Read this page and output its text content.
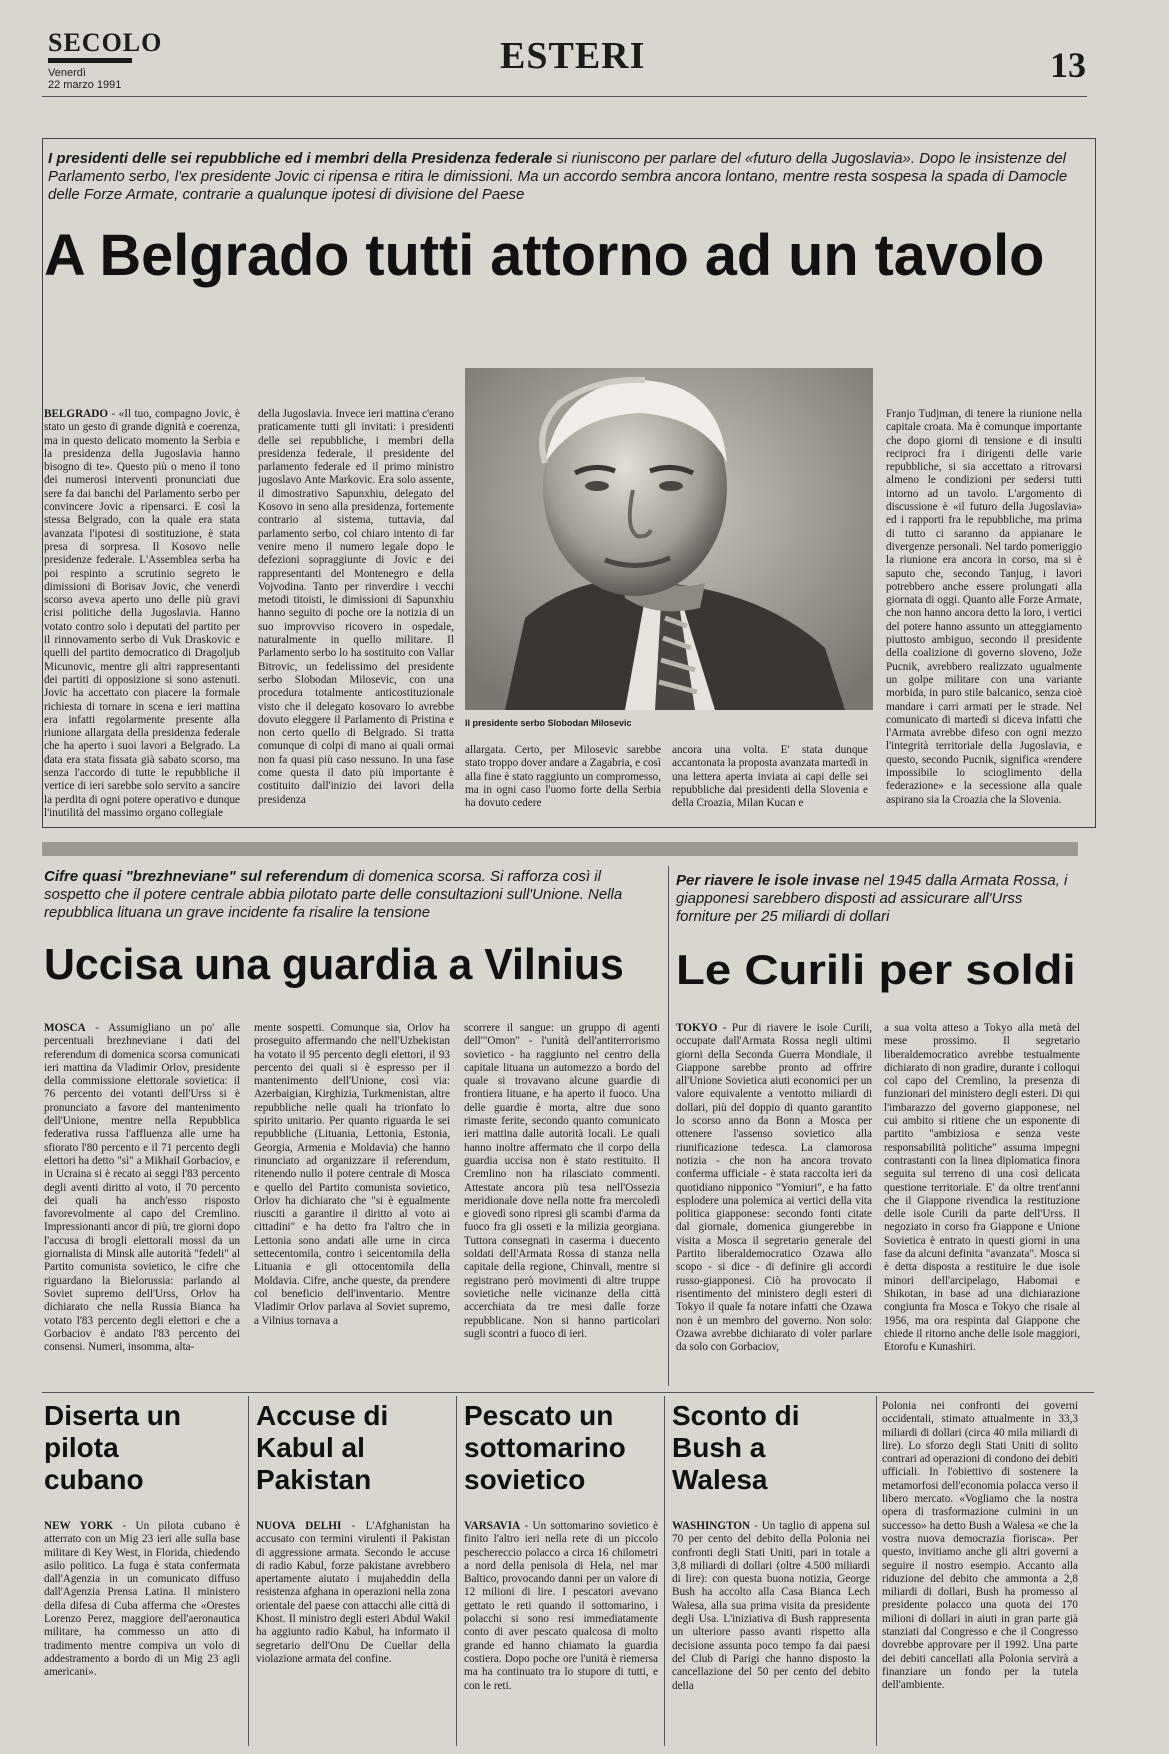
SECOLO
Venerdì
22 marzo 1991
ESTERI	13
I presidenti delle sei repubbliche ed i membri della Presidenza federale si riuniscono per parlare del «futuro della Jugoslavia». Dopo le insistenze del Parlamento serbo, l'ex presidente Jovic ci ripensa e ritira le dimissioni. Ma un accordo sembra ancora lontano, mentre resta sospesa la spada di Damocle delle Forze Armate, contrarie a qualunque ipotesi di divisione del Paese
A Belgrado tutti attorno ad un tavolo
BELGRADO - «Il tuo, compagno Jovic, è stato un gesto di grande dignità e coerenza, ma in questo delicato momento la Serbia e la presidenza della Jugoslavia hanno bisogno di te». Questo più o meno il tono dei numerosi interventi pronunciati due sere fa dai banchi del Parlamento serbo per convincere Jovic a ripensarci. E così la stessa Belgrado, con la quale era stata avanzata l'ipotesi di sostituzione, è stata presa di sorpresa. Il Kosovo nelle presidenze federale. L'Assemblea serba ha poi respinto a scrutinio segreto le dimissioni di Borisav Jovic, che venerdì scorso aveva aperto uno delle più gravi crisi politiche della Jugoslavia. Hanno votato contro solo i deputati del partito per il rinnovamento serbo di Vuk Draskovic e quelli del partito democratico di Dragoljub Micunovic, mentre gli altri rappresentanti dei partiti di opposizione si sono astenuti. Jovic ha accettato con piacere la formale richiesta di tornare in scena e ieri mattina era infatti regolarmente presente alla riunione allargata della presidenza federale che ha aperto i suoi lavori a Belgrado. La data era stata fissata già sabato scorso, ma senza l'accordo di tutte le repubbliche il vertice di ieri sarebbe solo servito a sancire la perdita di ogni potere operativo e dunque l'inutilità del massimo organo collegiale
della Jugoslavia. Invece ieri mattina c'erano praticamente tutti gli invitati: i presidenti delle sei repubbliche, i membri della presidenza federale, il presidente del parlamento federale ed il primo ministro jugoslavo Ante Markovic. Era solo assente, il dimostrativo Sapunxhiu, delegato del Kosovo in seno alla presidenza, fortemente contrario al sistema, tuttavia, dal parlamento serbo, col chiaro intento di far venire meno il numero legale dopo le defezioni sopraggiunte di Jovic e dei rappresentanti del Montenegro e della Vojvodina. Tanto per rinverdire i vecchi metodi titoisti, le dimissioni di Sapunxhiu hanno seguito di poche ore la notizia di un suo improvviso ricovero in ospedale, naturalmente in quello militare. Il Parlamento serbo lo ha sostituito con Vallar Bitrovic, un fedelissimo del presidente serbo Slobodan Milosevic, con una procedura totalmente anticostituzionale visto che il delegato kosovaro lo avrebbe dovuto eleggere il Parlamento di Pristina e non certo quello di Belgrado. Si tratta comunque di colpi di mano ai quali ormai non fa quasi più caso nessuno. In una fase come questa il dato più importante è costituito dall'inizio dei lavori della presidenza
Il presidente serbo Slobodan Milosevic
allargata. Certo, per Milosevic sarebbe stato troppo dover andare a Zagabria, e così alla fine è stato raggiunto un compromesso, ma in ogni caso l'uomo forte della Serbia ha dovuto cedere
ancora una volta. E' stata dunque accantonata la proposta avanzata martedì in una lettera aperta inviata ai capi delle sei repubbliche dai presidenti della Slovenia e della Croazia, Milan Kucan e
Franjo Tudjman, di tenere la riunione nella capitale croata. Ma è comunque importante che dopo giorni di tensione e di insulti reciproci fra i dirigenti delle varie repubbliche, si sia accettato a ritrovarsi almeno le condizioni per sedersi tutti intorno ad un tavolo. L'argomento di discussione è «il futuro della Jugoslavia» ed i rapporti fra le repubbliche, ma prima di tutto ci saranno da appianare le divergenze personali. Nel tardo pomeriggio la riunione era ancora in corso, ma si è saputo che, secondo Tanjug, i lavori potrebbero anche essere prolungati alla giornata di oggi. Quanto alle Forze Armate, che non hanno ancora detto la loro, i vertici del potere hanno assunto un atteggiamento piuttosto ambiguo, secondo il presidente della coalizione di governo sloveno, Jože Pucnik, avrebbero realizzato ugualmente un golpe militare con una variante morbida, in puro stile balcanico, senza cioè mandare i carri armati per le strade. Nel comunicato di martedì si diceva infatti che l'Armata avrebbe difeso con ogni mezzo l'integrità territoriale della Jugoslavia, e questo, secondo Pucnik, significa «rendere impossibile lo scioglimento della federazione» e la secessione alla quale aspirano sia la Croazia che la Slovenia.
Cifre quasi "brezhneviane" sul referendum di domenica scorsa. Si rafforza così il sospetto che il potere centrale abbia pilotato parte delle consultazioni sull'Unione. Nella repubblica lituana un grave incidente fa risalire la tensione
Uccisa una guardia a Vilnius
MOSCA - Assumigliano un po' alle percentuali brezhneviane i dati del referendum di domenica scorsa comunicati ieri mattina da Vladimir Orlov, presidente della commissione elettorale sovietica: il 76 percento dei votanti dell'Urss si è pronunciato a favore del mantenimento dell'Unione, mentre nella Repubblica federativa russa l'affluenza alle urne ha sfiorato l'80 percento e il 71 percento degli elettori ha detto "sì" a Mikhail Gorbaciov, e in Ucraina si è recato ai seggi l'83 percento degli aventi diritto al voto, il 70 percento dei quali ha anch'esso risposto favorevolmente al capo del Cremlino. Impressionanti ancor di più, tre giorni dopo l'accusa di brogli elettorali mossi da un giornalista di Minsk alle autorità "fedeli" al Partito comunista sovietico, le cifre che riguardano la Bielorussia: parlando al Soviet supremo dell'Urss, Orlov ha dichiarato che nella Russia Bianca ha votato l'83 percento degli elettori e che a Gorbaciov è andato l'83 percento dei consensi. Numeri, insomma, alta-
mente sospetti. Comunque sia, Orlov ha proseguito affermando che nell'Uzbekistan ha votato il 95 percento degli elettori, il 93 percento dei quali si è espresso per il mantenimento dell'Unione, così via: Azerbaigian, Kirghizia, Turkmenistan, altre repubbliche nelle quali ha trionfato lo spirito unitario. Per quanto riguarda le sei repubbliche (Lituania, Lettonia, Estonia, Georgia, Armenia e Moldavia) che hanno rinunciato ad organizzare il referendum, ritenendo nullo il potere centrale di Mosca e quello del Partito comunista sovietico, Orlov ha dichiarato che "si è egualmente riusciti a garantire il diritto al voto ai cittadini" e ha detto fra l'altro che in Lettonia sono andati alle urne in circa settecentomila, contro i seicentomila della Lituania e gli ottocentomila della Moldavia. Cifre, anche queste, da prendere col beneficio dell'inventario. Mentre Vladimir Orlov parlava al Soviet supremo, a Vilnius tornava a
scorrere il sangue: un gruppo di agenti dell'"Omon" - l'unità dell'antiterrorismo sovietico - ha raggiunto nel centro della capitale lituana un automezzo a bordo del quale si trovavano alcune guardie di frontiera lituane, e ha aperto il fuoco. Una delle guardie è morta, altre due sono rimaste ferite, secondo quanto comunicato ieri mattina dalle autorità locali. Le quali hanno inoltre affermato che il corpo della guardia uccisa non è stato restituito. Il Cremlino non ha rilasciato commenti. Attestate ancora più tesa nell'Ossezia meridionale dove nella notte fra mercoledì e giovedì sono ripresi gli scambi d'arma da fuoco fra gli osseti e la milizia georgiana. Tuttora consegnati in caserma i duecento soldati dell'Armata Rossa di stanza nella capitale della regione, Chinvali, mentre si registrano però movimenti di altre truppe sovietiche nelle vicinanze della città accerchiata da tre mesi dalle forze repubblicane. Non si hanno particolari sugli scontri a fuoco di ieri.
Per riavere le isole invase nel 1945 dalla Armata Rossa, i giapponesi sarebbero disposti ad assicurare all'Urss forniture per 25 miliardi di dollari
Le Curili per soldi
TOKYO - Pur di riavere le isole Curili, occupate dall'Armata Rossa negli ultimi giorni della Seconda Guerra Mondiale, il Giappone sarebbe pronto ad offrire all'Unione Sovietica aiuti economici per un valore equivalente a ventotto miliardi di dollari, più del doppio di quanto garantito lo scorso anno da Bonn a Mosca per ottenere l'assenso sovietico alla riunificazione tedesca. La clamorosa notizia - che non ha ancora trovato conferma ufficiale - è stata raccolta ieri da quotidiano nipponico "Yomiuri", e ha fatto esplodere una polemica ai vertici della vita politica giapponese: secondo fonti citate dal giornale, domenica giungerebbe in visita a Mosca il segretario generale del Partito liberaldemocratico Ozawa allo scopo - si dice - di definire gli accordi russo-giapponesi. Ciò ha provocato il risentimento del ministero degli esteri di Tokyo il quale fa notare infatti che Ozawa non è un membro del governo. Non solo: Ozawa avrebbe dichiarato di voler parlare da solo con Gorbaciov,
a sua volta atteso a Tokyo alla metà del mese prossimo. Il segretario liberaldemocratico avrebbe testualmente dichiarato di non gradire, durante i colloqui col capo del Cremlino, la presenza di funzionari del ministero degli esteri. Di qui l'imbarazzo del governo giapponese, nel cui ambito si ritiene che un esponente di partito "ambiziosa e senza veste responsabilità politiche" assuma impegni contrastanti con la linea diplomatica finora seguita sul terreno di una così delicata questione territoriale. E' da oltre trent'anni che il Giappone rivendica la restituzione delle isole Curili da parte dell'Urss. Il negoziato in corso fra Giappone e Unione Sovietica è entrato in questi giorni in una fase da alcuni definita "avanzata". Mosca si è detta disposta a restituire le due isole minori dell'arcipelago, Habomai e Shikotan, in base ad una dichiarazione congiunta fra Mosca e Tokyo che risale al 1956, ma ora respinta dal Giappone che chiede il ritorno anche delle isole maggiori, Etorofu e Kunashiri.
Diserta un pilota cubano
NEW YORK - Un pilota cubano è atterrato con un Mig 23 ieri alle sulla base militare di Key West, in Florida, chiedendo asilo politico. La fuga è stata confermata dall'Agenzia in un comunicato diffuso dall'Agenzia Prensa Latina. Il ministero della difesa di Cuba afferma che «Orestes Lorenzo Perez, maggiore dell'aeronautica militare, ha commesso un atto di tradimento mentre compiva un volo di addestramento a bordo di un Mig 23 agli americani».
Accuse di Kabul al Pakistan
NUOVA DELHI - L'Afghanistan ha accusato con termini virulenti il Pakistan di aggressione armata. Secondo le accuse di radio Kabul, forze pakistane avrebbero apertamente aiutato i mujaheddin della resistenza afghana in operazioni nella zona orientale del paese con attacchi alle città di Khost. Il ministro degli esteri Abdul Wakil ha aggiunto radio Kabul, ha informato il segretario dell'Onu De Cuellar della violazione armata del confine.
Pescato un sottomarino sovietico
VARSAVIA - Un sottomarino sovietico è finito l'altro ieri nella rete di un piccolo peschereccio polacco a circa 16 chilometri a nord della penisola di Hela, nel mar Baltico, provocando danni per un valore di 12 milioni di lire. I pescatori avevano gettato le reti quando il sottomarino, i polacchi si sono resi immediatamente conto di aver pescato qualcosa di molto grande ed hanno chiamato la guardia costiera. Dopo poche ore l'unità è riemersa ma ha continuato tra lo stupore di tutti, e con le reti.
Sconto di Bush a Walesa
WASHINGTON - Un taglio di appena sul 70 per cento del debito della Polonia nei confronti degli Stati Uniti, pari in totale a 3,8 miliardi di dollari (oltre 4.500 miliardi di lire): con questa buona notizia, George Bush ha accolto alla Casa Bianca Lech Walesa, alla sua prima visita da presidente degli Usa. L'iniziativa di Bush rappresenta un ulteriore passo avanti rispetto alla decisione assunta poco tempo fa dai paesi del Club di Parigi che hanno disposto la cancellazione del 50 per cento del debito della
Polonia nei confronti dei governi occidentali, stimato attualmente in 33,3 miliardi di dollari (circa 40 mila miliardi di lire). Lo sforzo degli Stati Uniti di solito contrari ad operazioni di condono dei debiti ufficiali. In l'obiettivo di sostenere la metamorfosi dell'economia polacca verso il libero mercato. «Vogliamo che la nostra opera di trasformazione culmini in un successo» ha detto Bush a Walesa «e che la vostra nuova democrazia fiorisca». Per questo, invitiamo anche gli altri governi a seguire il nostro esempio. Accanto alla riduzione del debito che ammonta a 2,8 miliardi di dollari, Bush ha promesso al presidente polacco una quota dei 170 milioni di dollari in aiuti in gran parte già stanziati dal Congresso e che il Congresso dovrebbe approvare per il 1992. Una parte dei debiti cancellati alla Polonia servirà a finanziare un fondo per la tutela dell'ambiente.
